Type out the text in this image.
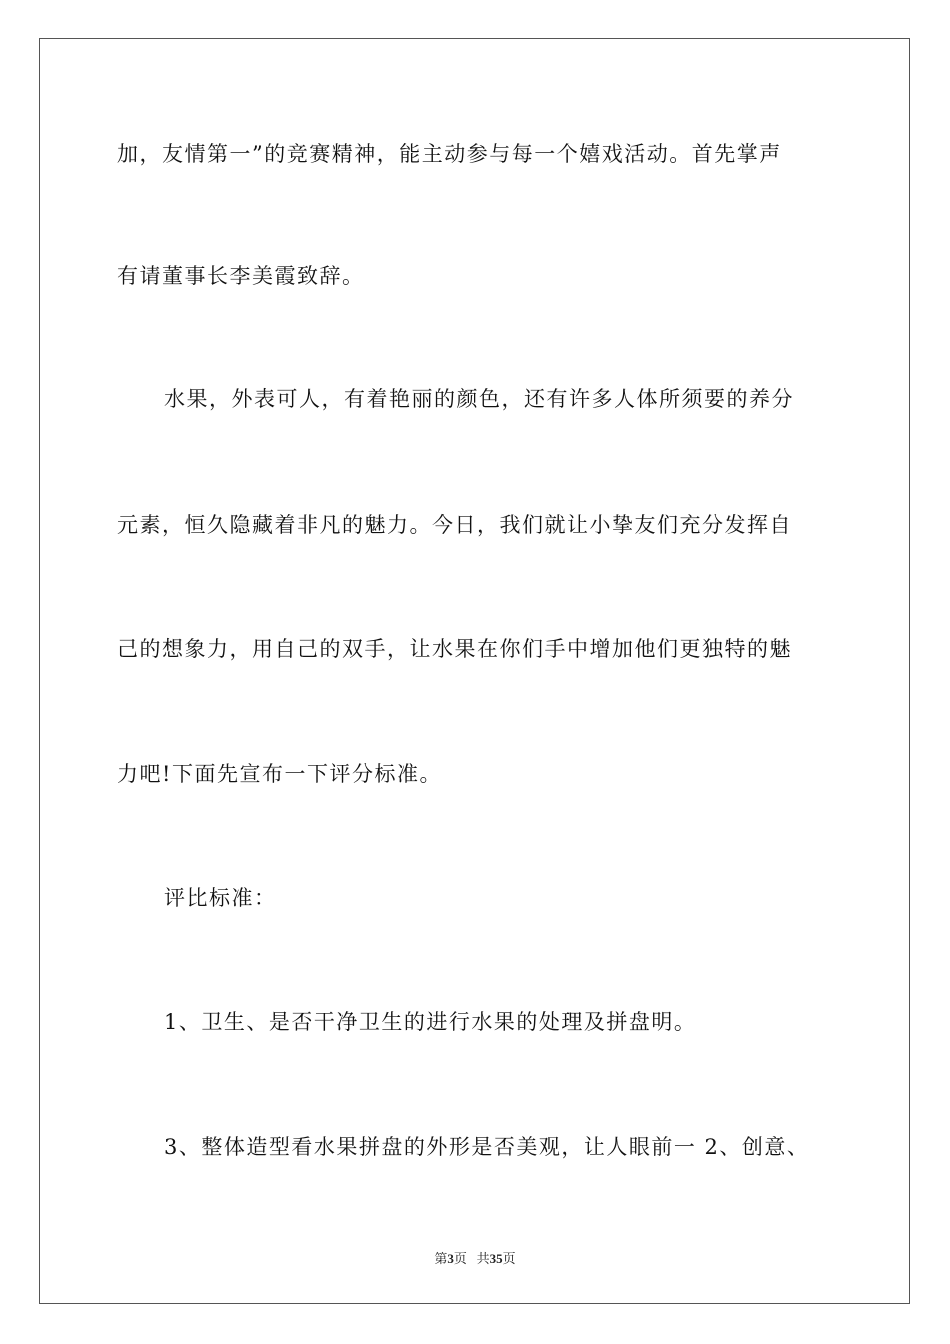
加，友情第一”的竞赛精神，能主动参与每一个嬉戏活动。首先掌声
有请董事长李美霞致辞。
水果，外表可人，有着艳丽的颜色，还有许多人体所须要的养分
元素，恒久隐藏着非凡的魅力。今日，我们就让小挚友们充分发挥自
己的想象力，用自己的双手，让水果在你们手中增加他们更独特的魅
力吧!下面先宣布一下评分标准。
评比标准：
1、卫生、是否干净卫生的进行水果的处理及拼盘明。
3、整体造型看水果拼盘的外形是否美观，让人眼前一 2、创意、
第3页 共35页
